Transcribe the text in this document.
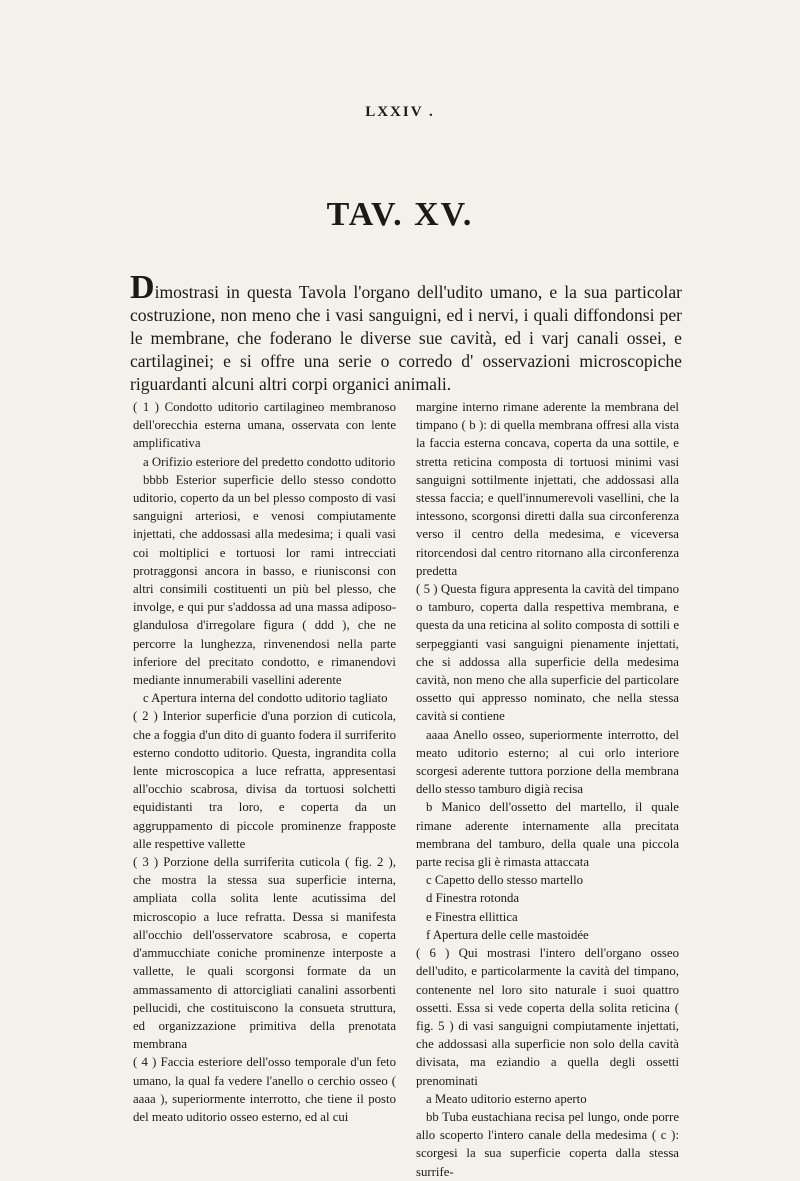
LXXIV .
TAV. XV.

Dimostrasi in questa Tavola l'organo dell'udito umano, e la sua particolar costruzione, non meno che i vasi sanguigni, ed i nervi, i quali diffondonsi per le membrane, che foderano le diverse sue cavità, ed i varj canali ossei, e cartilaginei; e si offre una serie o corredo d' osservazioni microscopiche riguardanti alcuni altri corpi organici animali.

( 1 ) Condotto uditorio cartilagineo membranoso dell'orecchia esterna umana, osservata con lente amplificativa

a Orifizio esteriore del predetto condotto uditorio

bbbb Esterior superficie dello stesso condotto uditorio, coperto da un bel plesso composto di vasi sanguigni arteriosi, e venosi compiutamente injettati, che addossasi alla medesima; i quali vasi coi moltiplici e tortuosi lor rami intrecciati protraggonsi ancora in basso, e riunisconsi con altri consimili costituenti un più bel plesso, che involge, e qui pur s'addossa ad una massa adiposo-glandulosa d'irregolare figura ( ddd ), che ne percorre la lunghezza, rinvenendosi nella parte inferiore del precitato condotto, e rimanendovi mediante innumerabili vasellini aderente

c Apertura interna del condotto uditorio tagliato

( 2 ) Interior superficie d'una porzion di cuticola, che a foggia d'un dito di guanto fodera il surriferito esterno condotto uditorio. Questa, ingrandita colla lente microscopica a luce refratta, appresentasi all'occhio scabrosa, divisa da tortuosi solchetti equidistanti tra loro, e coperta da un aggruppamento di piccole prominenze frapposte alle respettive vallette

( 3 ) Porzione della surriferita cuticola ( fig. 2 ), che mostra la stessa sua superficie interna, ampliata colla solita lente acutissima del microscopio a luce refratta. Dessa si manifesta all'occhio dell'osservatore scabrosa, e coperta d'ammucchiate coniche prominenze interposte a vallette, le quali scorgonsi formate da un ammassamento di attorcigliati canalini assorbenti pellucidi, che costituiscono la consueta struttura, ed organizzazione primitiva della prenotata membrana

( 4 ) Faccia esteriore dell'osso temporale d'un feto umano, la qual fa vedere l'anello o cerchio osseo ( aaaa ), superiormente interrotto, che tiene il posto del meato uditorio osseo esterno, ed al cui

margine interno rimane aderente la membrana del timpano ( b ): di quella membrana offresi alla vista la faccia esterna concava, coperta da una sottile, e stretta reticina composta di tortuosi minimi vasi sanguigni sottilmente injettati, che addossasi alla stessa faccia; e quell'innumerevoli vasellini, che la intessono, scorgonsi diretti dalla sua circonferenza verso il centro della medesima, e viceversa ritorcendosi dal centro ritornano alla circonferenza predetta

( 5 ) Questa figura appresenta la cavità del timpano o tamburo, coperta dalla respettiva membrana, e questa da una reticina al solito composta di sottili e serpeggianti vasi sanguigni pienamente injettati, che si addossa alla superficie della medesima cavità, non meno che alla superficie del particolare ossetto qui appresso nominato, che nella stessa cavità si contiene

aaaa Anello osseo, superiormente interrotto, del meato uditorio esterno; al cui orlo interiore scorgesi aderente tuttora porzione della membrana dello stesso tamburo digià recisa

b Manico dell'ossetto del martello, il quale rimane aderente internamente alla precitata membrana del tamburo, della quale una piccola parte recisa gli è rimasta attaccata

c Capetto dello stesso martello

d Finestra rotonda

e Finestra ellittica

f Apertura delle celle mastoidée

( 6 ) Qui mostrasi l'intero dell'organo osseo dell'udito, e particolarmente la cavità del timpano, contenente nel loro sito naturale i suoi quattro ossetti. Essa si vede coperta della solita reticina ( fig. 5 ) di vasi sanguigni compiutamente injettati, che addossasi alla superficie non solo della cavità divisata, ma eziandio a quella degli ossetti prenominati

a Meato uditorio esterno aperto

bb Tuba eustachiana recisa pel lungo, onde porre allo scoperto l'intero canale della medesima ( c ): scorgesi la sua superficie coperta dalla stessa surrife-
